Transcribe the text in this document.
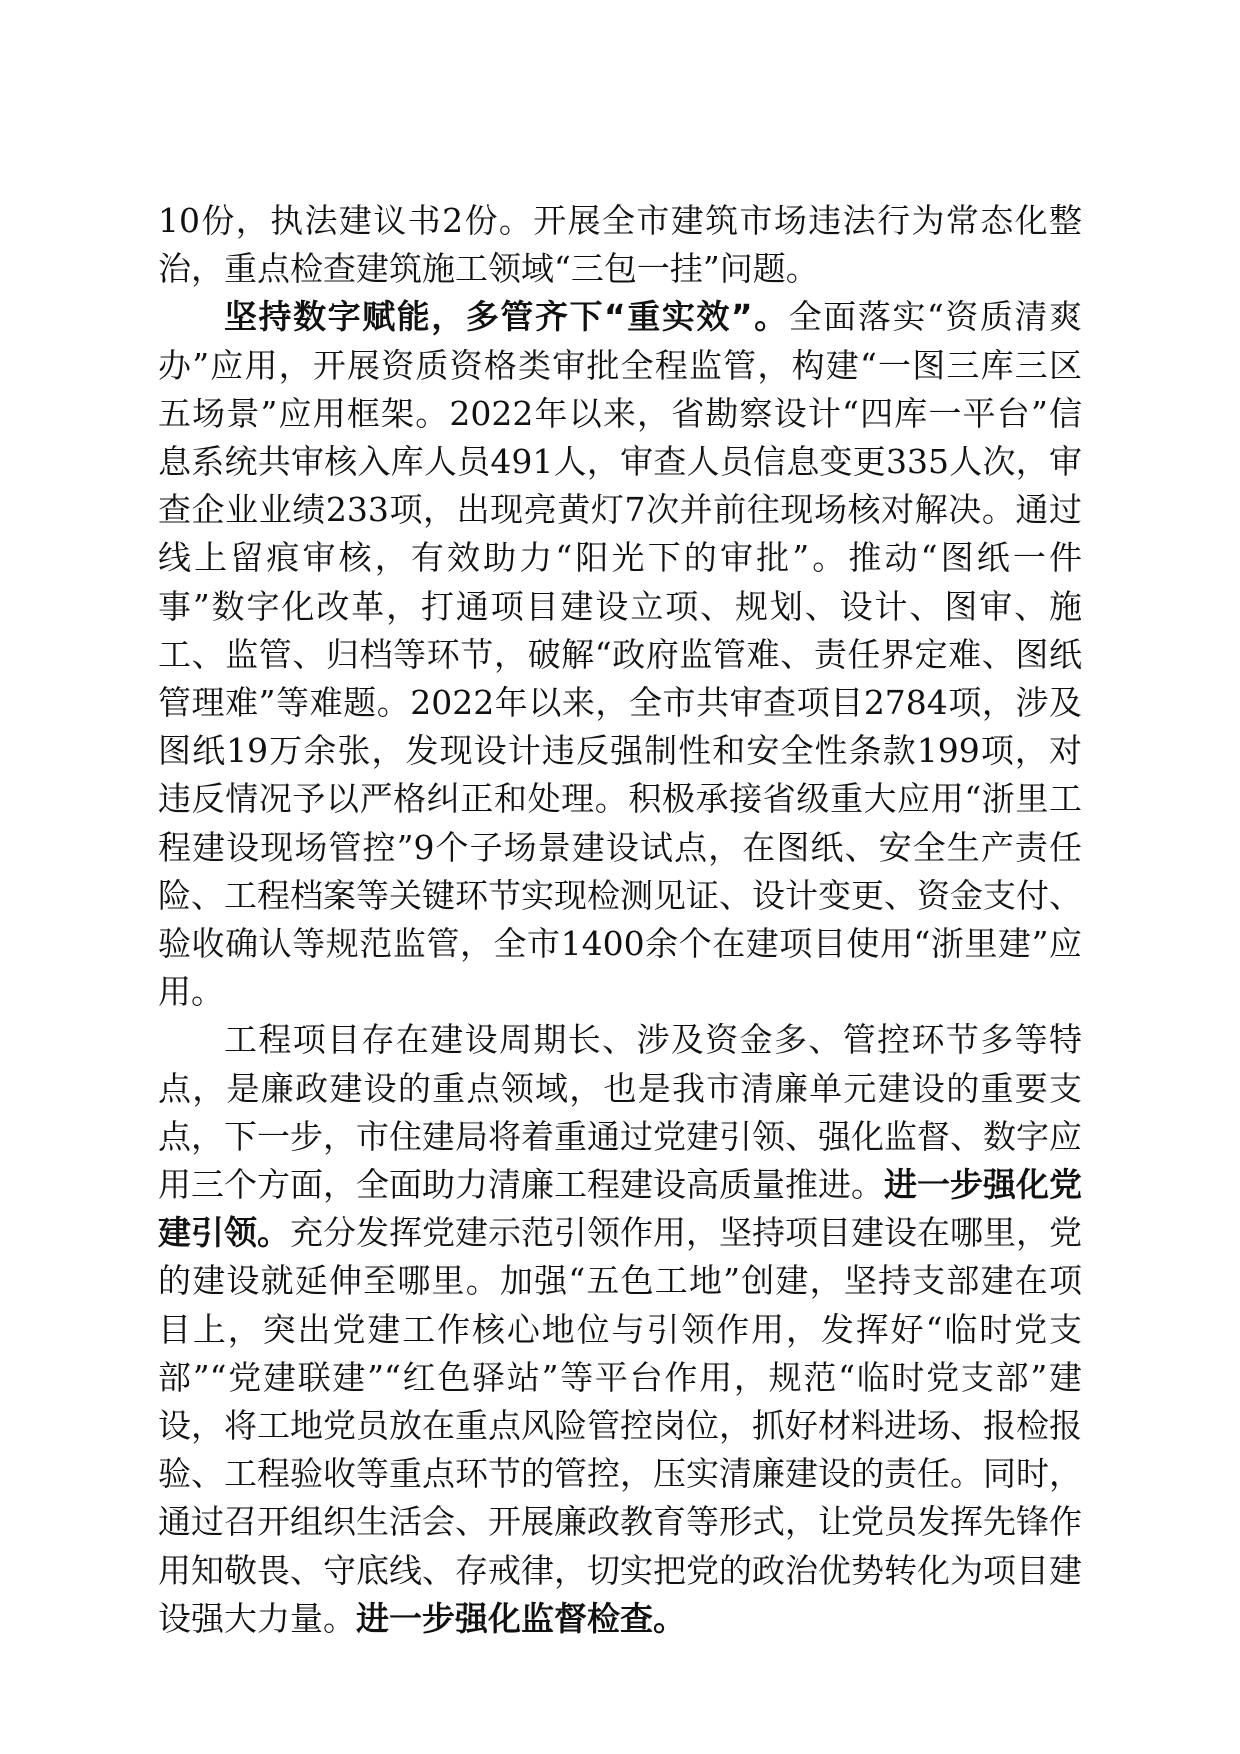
10份，执法建议书2份。开展全市建筑市场违法行为常态化整治，重点检查建筑施工领域“三包一挂”问题。

坚持数字赋能，多管齐下“重实效”。全面落实“资质清爽办”应用，开展资质资格类审批全程监管，构建“一图三库三区五场景”应用框架。2022年以来，省勘察设计“四库一平台”信息系统共审核入库人员491人，审查人员信息变更335人次，审查企业业绩233项，出现亮黄灯7次并前往现场核对解决。通过线上留痕审核，有效助力“阳光下的审批”。推动“图纸一件事”数字化改革，打通项目建设立项、规划、设计、图审、施工、监管、归档等环节，破解“政府监管难、责任界定难、图纸管理难”等难题。2022年以来，全市共审查项目2784项，涉及图纸19万余张，发现设计违反强制性和安全性条款199项，对违反情况予以严格纠正和处理。积极承接省级重大应用“浙里工程建设现场管控”9个子场景建设试点，在图纸、安全生产责任险、工程档案等关键环节实现检测见证、设计变更、资金支付、验收确认等规范监管，全市1400余个在建项目使用“浙里建”应用。

工程项目存在建设周期长、涉及资金多、管控环节多等特点，是廉政建设的重点领域，也是我市清廉单元建设的重要支点，下一步，市住建局将着重通过党建引领、强化监督、数字应用三个方面，全面助力清廉工程建设高质量推进。进一步强化党建引领。充分发挥党建示范引领作用，坚持项目建设在哪里，党的建设就延伸至哪里。加强“五色工地”创建，坚持支部建在项目上，突出党建工作核心地位与引领作用，发挥好“临时党支部”“党建联建”“红色驿站”等平台作用，规范“临时党支部”建设，将工地党员放在重点风险管控岗位，抓好材料进场、报检报验、工程验收等重点环节的管控，压实清廉建设的责任。同时，通过召开组织生活会、开展廉政教育等形式，让党员发挥先锋作用知敬畏、守底线、存戒律，切实把党的政治优势转化为项目建设强大力量。进一步强化监督检查。
